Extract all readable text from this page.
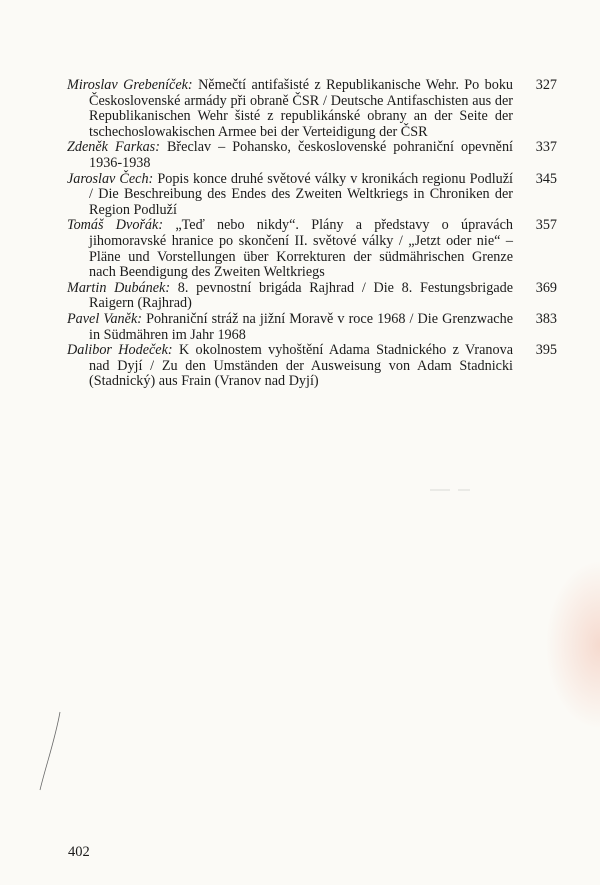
Miroslav Grebeníček: Němečtí antifašisté z Republikanische Wehr. Po boku Československé armády při obraně ČSR / Deutsche Antifaschisten aus der Republikanischen Wehr šisté z republikánské obrany an der Seite der tschechoslowakischen Armee bei der Verteidigung der ČSR
327
Zdeněk Farkas: Břeclav – Pohansko, československé pohraniční opevnění 1936-1938
337
Jaroslav Čech: Popis konce druhé světové války v kronikách regionu Podluží / Die Beschreibung des Endes des Zweiten Weltkriegs in Chroniken der Region Podluží
345
Tomáš Dvořák: „Teď nebo nikdy“. Plány a představy o úpravách jihomoravské hranice po skončení II. světové války / „Jetzt oder nie“ – Pläne und Vorstellungen über Korrekturen der südmährischen Grenze nach Beendigung des Zweiten Weltkriegs
357
Martin Dubánek: 8. pevnostní brigáda Rajhrad / Die 8. Festungsbrigade Raigern (Rajhrad)
369
Pavel Vaněk: Pohraniční stráž na jižní Moravě v roce 1968 / Die Grenzwache in Südmähren im Jahr 1968
383
Dalibor Hodeček: K okolnostem vyhoštění Adama Stadnického z Vranova nad Dyjí / Zu den Umständen der Ausweisung von Adam Stadnicki (Stadnický) aus Frain (Vranov nad Dyjí)
395
402
